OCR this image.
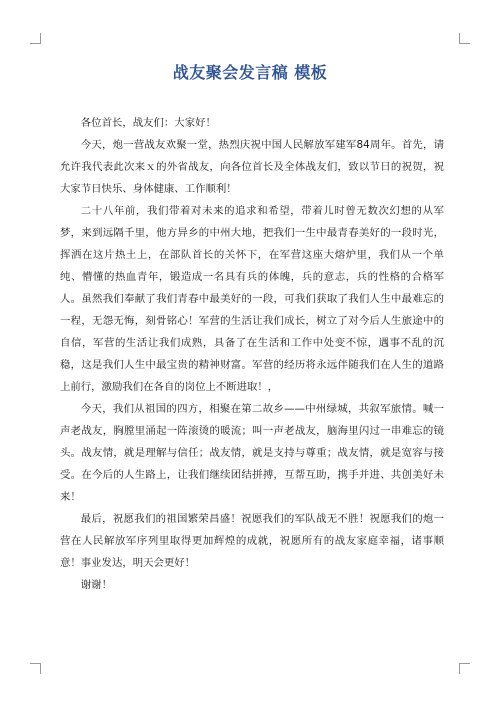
战友聚会发言稿 模板

各位首长，战友们：大家好！

今天，炮一营战友欢聚一堂，热烈庆祝中国人民解放军建军84周年。首先，请允许我代表此次来ｘ的外省战友，向各位首长及全体战友们，致以节日的祝贺，祝大家节日快乐、身体健康、工作顺利！

二十八年前，我们带着对未来的追求和希望，带着儿时曾无数次幻想的从军梦，来到远隔千里，他方异乡的中州大地，把我们一生中最青春美好的一段时光，挥洒在这片热土上，在部队首长的关怀下，在军营这座大熔炉里，我们从一个单纯、懵懂的热血青年，锻造成一名具有兵的体魄，兵的意志，兵的性格的合格军人。虽然我们奉献了我们青春中最美好的一段，可我们获取了我们人生中最难忘的一程，无怨无悔，刻骨铭心！军营的生活让我们成长，树立了对今后人生旅途中的自信，军营的生活让我们成熟，具备了在生活和工作中处变不惊，遇事不乱的沉稳，这是我们人生中最宝贵的精神财富。军营的经历将永远伴随我们在人生的道路上前行，激励我们在各自的岗位上不断进取！，

今天，我们从祖国的四方，相聚在第二故乡——中州绿城，共叙军旅情。喊一声老战友，胸膛里涌起一阵滚烫的暖流；叫一声老战友，脑海里闪过一串难忘的镜头。战友情，就是理解与信任；战友情，就是支持与尊重；战友情，就是宽容与接受。在今后的人生路上，让我们继续团结拼搏，互帮互助，携手并进、共创美好未来！

最后，祝愿我们的祖国繁荣昌盛！祝愿我们的军队战无不胜！祝愿我们的炮一营在人民解放军序列里取得更加辉煌的成就，祝愿所有的战友家庭幸福，诸事顺意！事业发达，明天会更好！

谢谢！
